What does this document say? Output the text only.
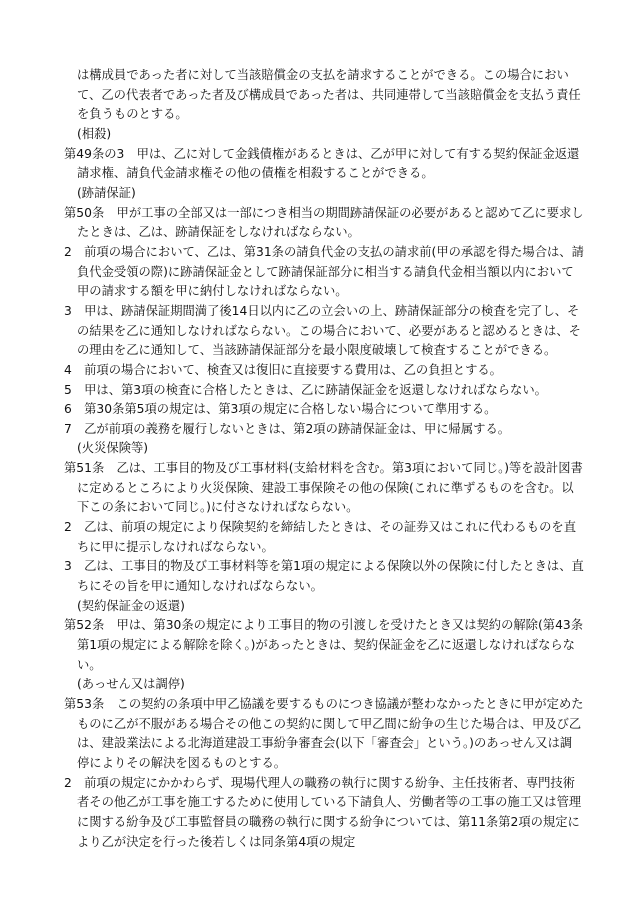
は構成員であった者に対して当該賠償金の支払を請求することができる。この場合において、乙の代表者であった者及び構成員であった者は、共同連帯して当該賠償金を支払う責任を負うものとする。

(相殺)

第49条の3　甲は、乙に対して金銭債権があるときは、乙が甲に対して有する契約保証金返還請求権、請負代金請求権その他の債権を相殺することができる。

(跡請保証)

第50条　甲が工事の全部又は一部につき相当の期間跡請保証の必要があると認めて乙に要求したときは、乙は、跡請保証をしなければならない。

2　前項の場合において、乙は、第31条の請負代金の支払の請求前(甲の承認を得た場合は、請負代金受領の際)に跡請保証金として跡請保証部分に相当する請負代金相当額以内において甲の請求する額を甲に納付しなければならない。

3　甲は、跡請保証期間満了後14日以内に乙の立会いの上、跡請保証部分の検査を完了し、その結果を乙に通知しなければならない。この場合において、必要があると認めるときは、その理由を乙に通知して、当該跡請保証部分を最小限度破壊して検査することができる。

4　前項の場合において、検査又は復旧に直接要する費用は、乙の負担とする。

5　甲は、第3項の検査に合格したときは、乙に跡請保証金を返還しなければならない。

6　第30条第5項の規定は、第3項の規定に合格しない場合について準用する。

7　乙が前項の義務を履行しないときは、第2項の跡請保証金は、甲に帰属する。

(火災保険等)

第51条　乙は、工事目的物及び工事材料(支給材料を含む。第3項において同じ。)等を設計図書に定めるところにより火災保険、建設工事保険その他の保険(これに準ずるものを含む。以下この条において同じ。)に付さなければならない。

2　乙は、前項の規定により保険契約を締結したときは、その証券又はこれに代わるものを直ちに甲に提示しなければならない。

3　乙は、工事目的物及び工事材料等を第1項の規定による保険以外の保険に付したときは、直ちにその旨を甲に通知しなければならない。

(契約保証金の返還)

第52条　甲は、第30条の規定により工事目的物の引渡しを受けたとき又は契約の解除(第43条第1項の規定による解除を除く。)があったときは、契約保証金を乙に返還しなければならない。

(あっせん又は調停)

第53条　この契約の条項中甲乙協議を要するものにつき協議が整わなかったときに甲が定めたものに乙が不服がある場合その他この契約に関して甲乙間に紛争の生じた場合は、甲及び乙は、建設業法による北海道建設工事紛争審査会(以下「審査会」という。)のあっせん又は調停によりその解決を図るものとする。

2　前項の規定にかかわらず、現場代理人の職務の執行に関する紛争、主任技術者、専門技術者その他乙が工事を施工するために使用している下請負人、労働者等の工事の施工又は管理に関する紛争及び工事監督員の職務の執行に関する紛争については、第11条第2項の規定により乙が決定を行った後若しくは同条第4項の規定
